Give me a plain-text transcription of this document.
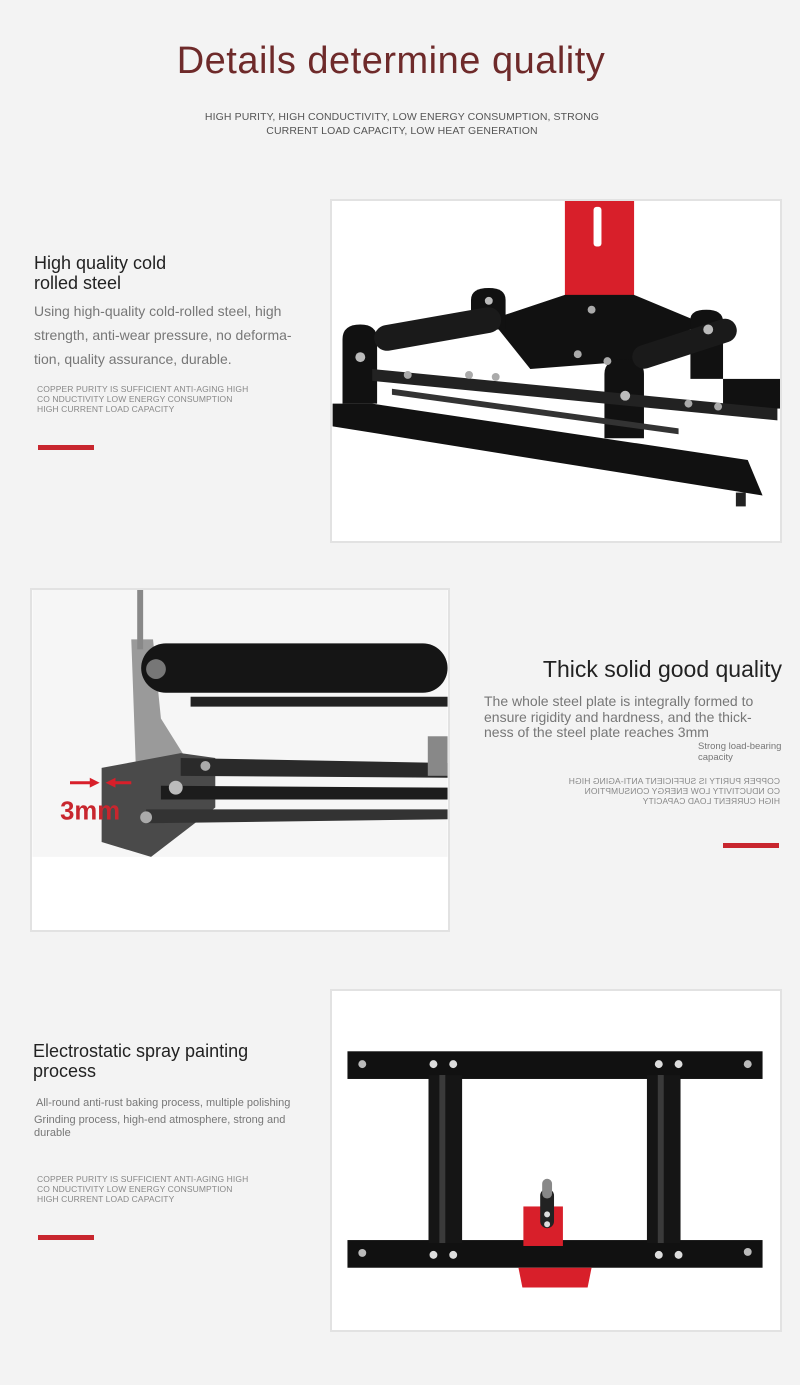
Details determine quality
HIGH PURITY, HIGH CONDUCTIVITY, LOW ENERGY CONSUMPTION, STRONG CURRENT LOAD CAPACITY, LOW HEAT GENERATION
High quality cold rolled steel
Using high-quality cold-rolled steel, high strength, anti-wear pressure, no deforma-tion, quality assurance, durable.
COPPER PURITY IS SUFFICIENT ANTI-AGING HIGH CO NDUCTIVITY LOW ENERGY CONSUMPTION HIGH CURRENT LOAD CAPACITY
3mm
Thick solid good quality
The whole steel plate is integrally formed to ensure rigidity and hardness, and the thick-ness of the steel plate reaches 3mm
Strong load-bearing capacity
COPPER PURITY IS SUFFICIENT ANTI-AGING HIGH CO NDUCTIVITY LOW ENERGY CONSUMPTION HIGH CURRENT LOAD CAPACITY
Electrostatic spray painting process
All-round anti-rust baking process, multiple polishing
Grinding process, high-end atmosphere, strong and durable
COPPER PURITY IS SUFFICIENT ANTI-AGING HIGH CO NDUCTIVITY LOW ENERGY CONSUMPTION HIGH CURRENT LOAD CAPACITY
